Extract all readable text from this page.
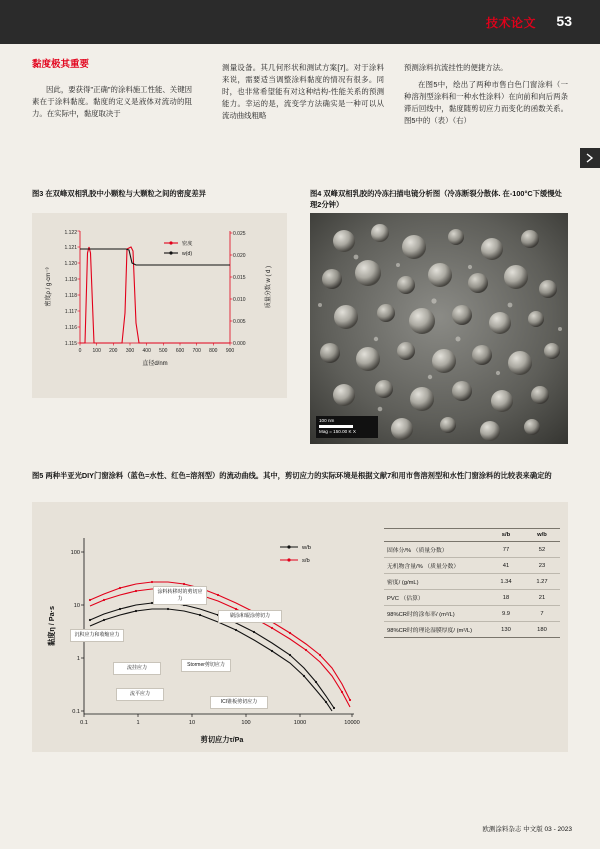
技术论文 53
黏度极其重要

因此，要获得"正确"的涂料施工性能、关键因素在于涂料黏度。黏度的定义是液体对流动的阻力。在实际中，黏度取决于

测量设备。其几何形状和测试方案[7]。对于涂料来说，需要适当调整涂料黏度的情况有很多。同时，也非常希望能有对这种结构-性能关系的预测能力。幸运的是，流变学方法确实是一种可以从流动曲线粗略

预测涂料抗流挂性的便捷方法。

在图5中，绘出了两种市售白色门窗涂料（一种溶剂型涂料和一种水性涂料）在向前和向后两条滞后回线中，黏度随剪切应力而变化的函数关系。图5中的（表）（右）

图3 在双峰双相乳胶中小颗粒与大颗粒之间的密度差异	图4 双峰双相乳胶的冷冻扫描电镜分析图（冷冻断裂分散体. 在-100°C下缓慢处理2分钟）
图5 两种半亚光DIY门窗涂料（蓝色=水性、红色=溶剂型）的流动曲线。其中，剪切应力的实际环境是根据文献7和用市售溶剂型和水性门窗涂料的比较表来确定的
1.115
1.116
1.117
1.118
1.119
1.120
1.121
1.122
0.000
0.005
0.010
0.015
0.020
0.025
0 100 200 300 400 500 600 700 800 900
密度
w(d)
直径d/nm
密度ρ / g·cm⁻³	质量分数 w ( d )
100 nm
Mag = 150.00 K X
100
10
1
0.1
0.1	1	10	100	1000	10000
w/b
s/b
剪切应力τ/Pa
黏度η / Pa·s	沉积应力和收缩应力
涂料转移时的剪切应力
刷涂和辊涂剪切力
流挂应力	Stormer剪切应力
流平应力
ICI锥板剪切应力
	s/b	w/b
固体分/% （质量分数）	77	52
无机物含量/% （质量分数）	41	23
密度/ (g/mL)	1.34	1.27
PVC （估算）	18	21
98%CR时的涂布率/ (m²/L)	9.9	7
98%CR时的理论湿膜厚度/ (m²/L)	130	180
欧测涂料杂志 中文版 03 - 2023
